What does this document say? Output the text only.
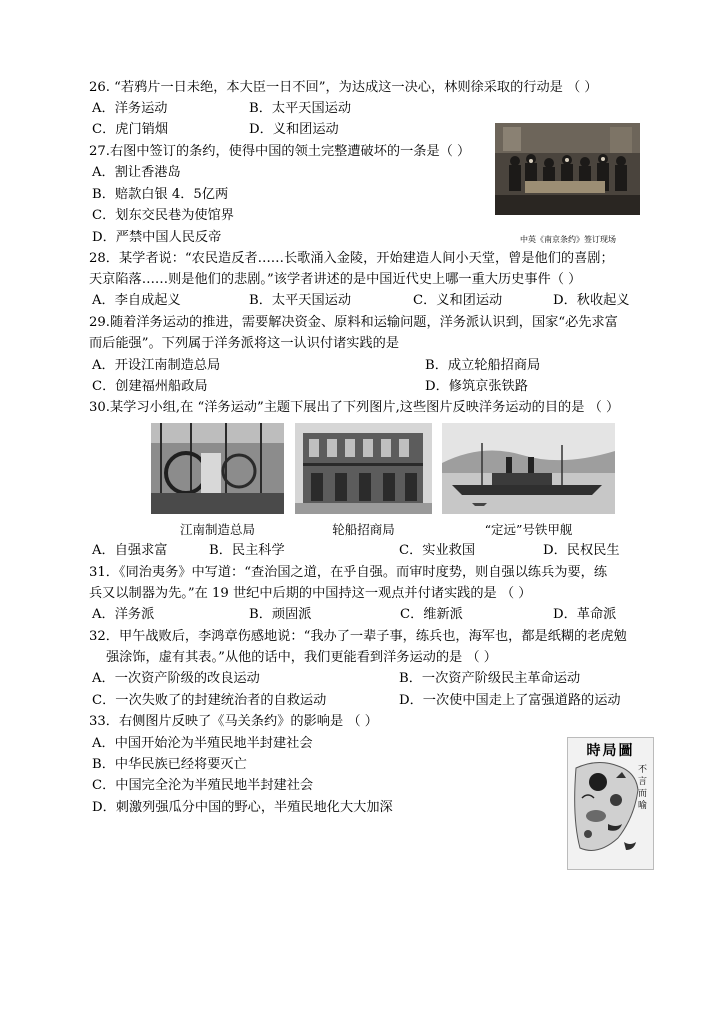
26. “若鸦片一日未绝，本大臣一日不回”，为达成这一决心，林则徐采取的行动是 （ ）
A．洋务运动	B．太平天国运动
C．虎门销烟	D．义和团运动
27.右图中签订的条约，使得中国的领土完整遭破坏的一条是（ ）
A．割让香港岛
B．赔款白银 4．5亿两
C．划东交民巷为使馆界
D．严禁中国人民反帝	中英《南京条约》签订现场
28．某学者说：“农民造反者……长歌涌入金陵，开始建造人间小天堂，曾是他们的喜剧；
天京陷落……则是他们的悲剧。”该学者讲述的是中国近代史上哪一重大历史事件（ ）
A．李自成起义	B．太平天国运动	C．义和团运动	D．秋收起义
29.随着洋务运动的推进，需要解决资金、原料和运输问题，洋务派认识到，国家“必先求富
而后能强”。下列属于洋务派将这一认识付诸实践的是
A．开设江南制造总局	B．成立轮船招商局
C．创建福州船政局	D．修筑京张铁路
30.某学习小组,在 “洋务运动”主题下展出了下列图片,这些图片反映洋务运动的目的是 （ ）
江南制造总局	轮船招商局	“定远”号铁甲舰
A．自强求富	B．民主科学	C．实业救国	D．民权民生
31．《同治夷务》中写道：“查治国之道，在乎自强。而审时度势，则自强以练兵为要，练
兵又以制器为先。”在 19 世纪中后期的中国持这一观点并付诸实践的是 （ ）
A．洋务派	B．顽固派	C．维新派	D．革命派
32．甲午战败后，李鸿章伤感地说：“我办了一辈子事，练兵也，海军也，都是纸糊的老虎勉
强涂饰，虚有其表。”从他的话中，我们更能看到洋务运动的是 （ ）
A．一次资产阶级的改良运动	B．一次资产阶级民主革命运动
C．一次失败了的封建统治者的自救运动	D．一次使中国走上了富强道路的运动
33．右侧图片反映了《马关条约》的影响是 （ ）
A．中国开始沦为半殖民地半封建社会
B．中华民族已经将要灭亡
C．中国完全沦为半殖民地半封建社会
D．刺激列强瓜分中国的野心，半殖民地化大大加深
時局圖
不言而喻
